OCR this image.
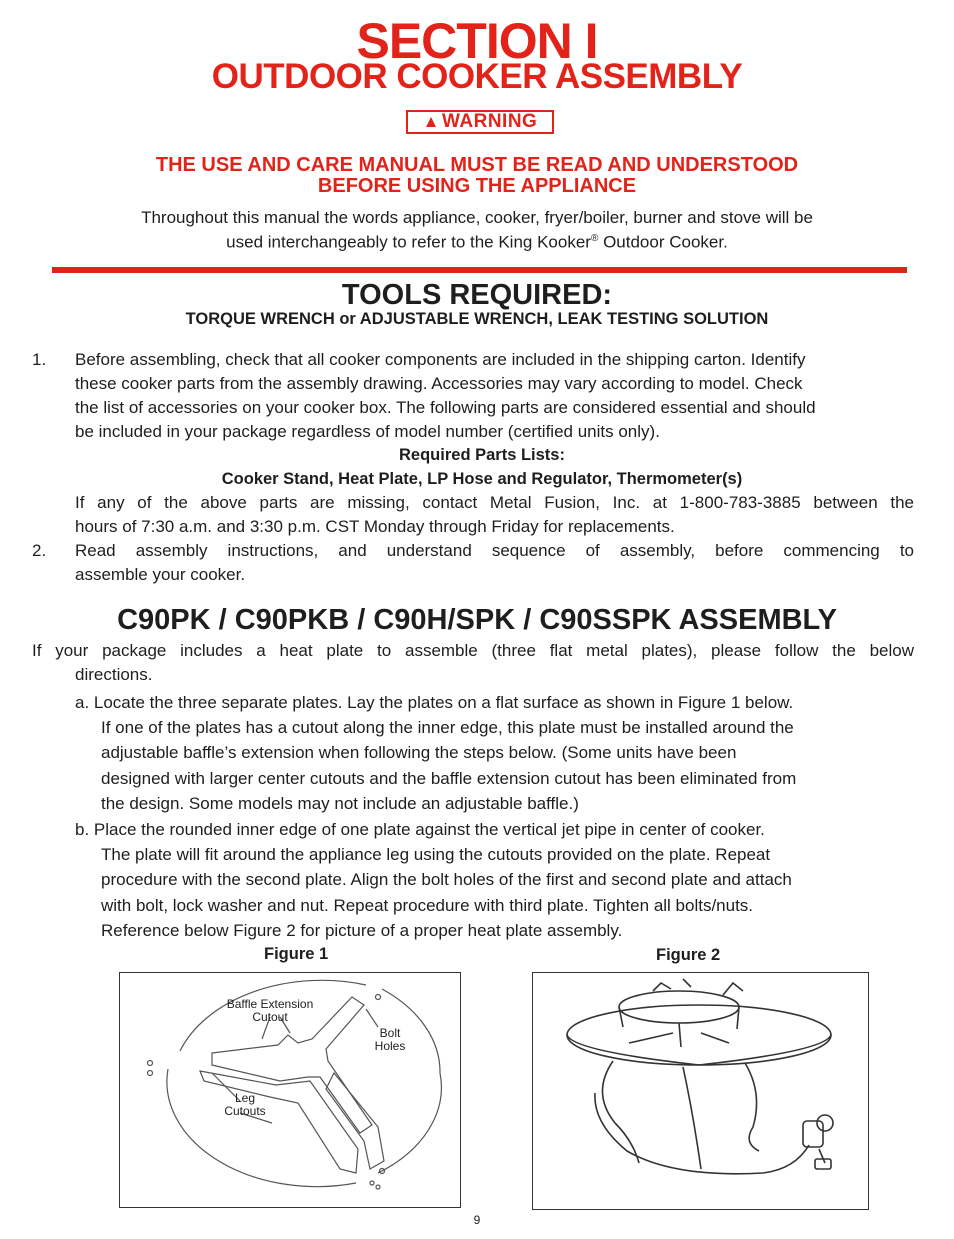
SECTION I
OUTDOOR COOKER ASSEMBLY
▲ WARNING
THE USE AND CARE MANUAL MUST BE READ AND UNDERSTOOD
BEFORE USING THE APPLIANCE
Throughout this manual the words appliance, cooker, fryer/boiler, burner and stove will be
used interchangeably to refer to the King Kooker® Outdoor Cooker.
TOOLS REQUIRED:
TORQUE WRENCH or ADJUSTABLE WRENCH, LEAK TESTING SOLUTION
1. Before assembling, check that all cooker components are included in the shipping carton. Identify
these cooker parts from the assembly drawing. Accessories may vary according to model. Check
the list of accessories on your cooker box. The following parts are considered essential and should
be included in your package regardless of model number (certified units only).
Required Parts Lists:
Cooker Stand, Heat Plate, LP Hose and Regulator, Thermometer(s)
If any of the above parts are missing, contact Metal Fusion, Inc. at 1-800-783-3885 between the
hours of 7:30 a.m. and 3:30 p.m. CST Monday through Friday for replacements.
2. Read assembly instructions, and understand sequence of assembly, before commencing to
assemble your cooker.
C90PK / C90PKB / C90H/SPK / C90SSPK ASSEMBLY
If your package includes a heat plate to assemble (three flat metal plates), please follow the below
directions.
a. Locate the three separate plates. Lay the plates on a flat surface as shown in Figure 1 below.
If one of the plates has a cutout along the inner edge, this plate must be installed around the
adjustable baffle’s extension when following the steps below. (Some units have been
designed with larger center cutouts and the baffle extension cutout has been eliminated from
the design. Some models may not include an adjustable baffle.)
b. Place the rounded inner edge of one plate against the vertical jet pipe in center of cooker.
The plate will fit around the appliance leg using the cutouts provided on the plate. Repeat
procedure with the second plate. Align the bolt holes of the first and second plate and attach
with bolt, lock washer and nut. Repeat procedure with third plate. Tighten all bolts/nuts.
Reference below Figure 2 for picture of a proper heat plate assembly.
Figure 1	Figure 2
Baffle Extension
Cutout
Bolt
Holes
Leg
Cutouts
9
